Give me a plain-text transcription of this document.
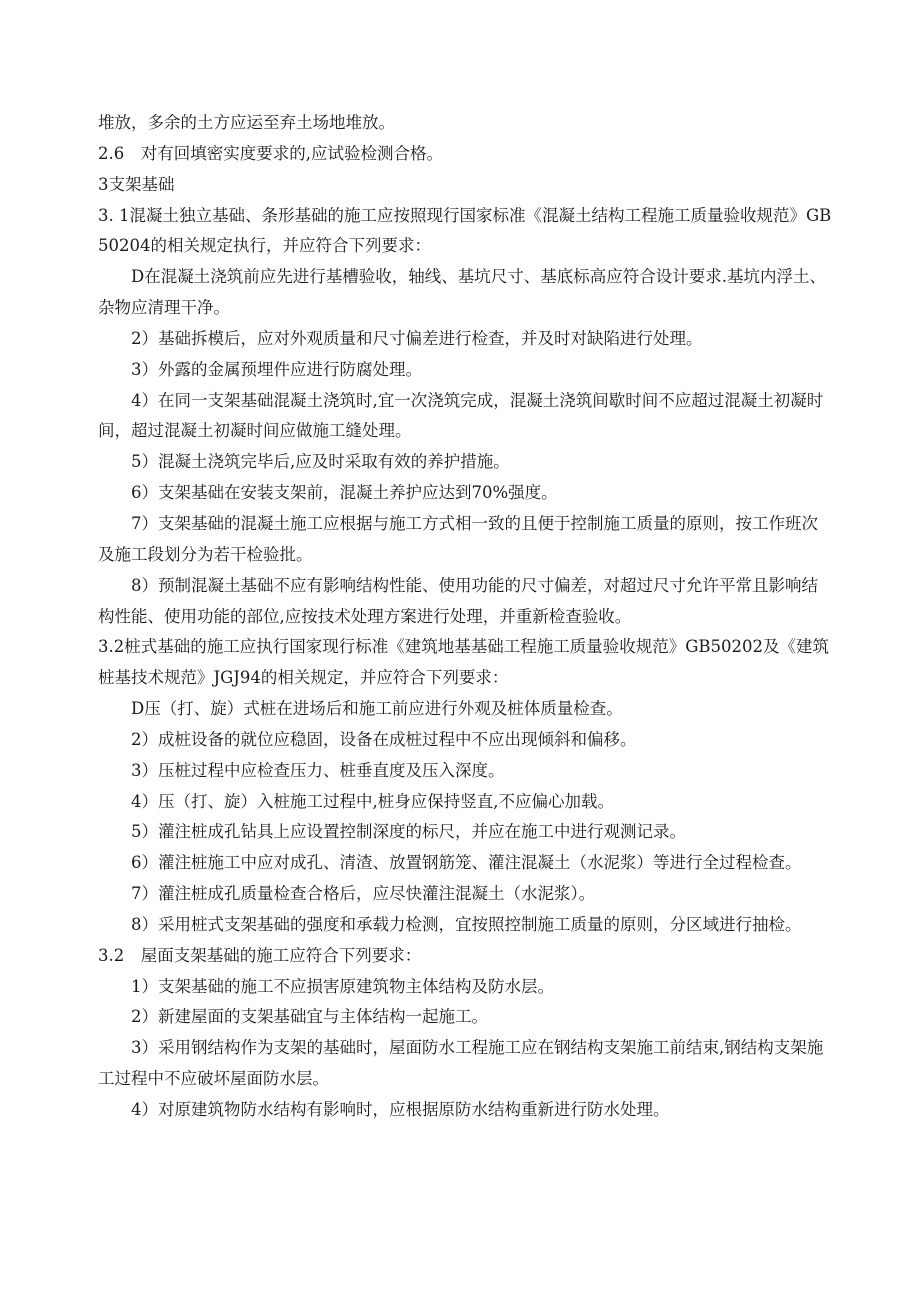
堆放，多余的土方应运至弃土场地堆放。

2.6　对有回填密实度要求的,应试验检测合格。

3支架基础

3. 1混凝土独立基础、条形基础的施工应按照现行国家标准《混凝土结构工程施工质量验收规范》GB50204的相关规定执行，并应符合下列要求：

D在混凝土浇筑前应先进行基槽验收，轴线、基坑尺寸、基底标高应符合设计要求.基坑内浮土、杂物应清理干净。

2）基础拆模后，应对外观质量和尺寸偏差进行检查，并及时对缺陷进行处理。

3）外露的金属预埋件应进行防腐处理。

4）在同一支架基础混凝土浇筑时,宜一次浇筑完成，混凝土浇筑间歇时间不应超过混凝土初凝时间，超过混凝土初凝时间应做施工缝处理。

5）混凝土浇筑完毕后,应及时采取有效的养护措施。

6）支架基础在安装支架前，混凝土养护应达到70%强度。

7）支架基础的混凝土施工应根据与施工方式相一致的且便于控制施工质量的原则，按工作班次及施工段划分为若干检验批。

8）预制混凝土基础不应有影响结构性能、使用功能的尺寸偏差，对超过尺寸允许平常且影响结构性能、使用功能的部位,应按技术处理方案进行处理，并重新检查验收。

3.2桩式基础的施工应执行国家现行标准《建筑地基基础工程施工质量验收规范》GB50202及《建筑桩基技术规范》JGJ94的相关规定，并应符合下列要求：

D压（打、旋）式桩在进场后和施工前应进行外观及桩体质量检查。

2）成桩设备的就位应稳固，设备在成桩过程中不应出现倾斜和偏移。

3）压桩过程中应检查压力、桩垂直度及压入深度。

4）压（打、旋）入桩施工过程中,桩身应保持竖直,不应偏心加载。

5）灌注桩成孔钻具上应设置控制深度的标尺，并应在施工中进行观测记录。

6）灌注桩施工中应对成孔、清渣、放置钢筋笼、灌注混凝土（水泥浆）等进行全过程检查。

7）灌注桩成孔质量检查合格后，应尽快灌注混凝土（水泥浆）。

8）采用桩式支架基础的强度和承载力检测，宜按照控制施工质量的原则，分区域进行抽检。

3.2　屋面支架基础的施工应符合下列要求：

1）支架基础的施工不应损害原建筑物主体结构及防水层。

2）新建屋面的支架基础宜与主体结构一起施工。

3）采用钢结构作为支架的基础时，屋面防水工程施工应在钢结构支架施工前结束,钢结构支架施工过程中不应破坏屋面防水层。

4）对原建筑物防水结构有影响时，应根据原防水结构重新进行防水处理。
